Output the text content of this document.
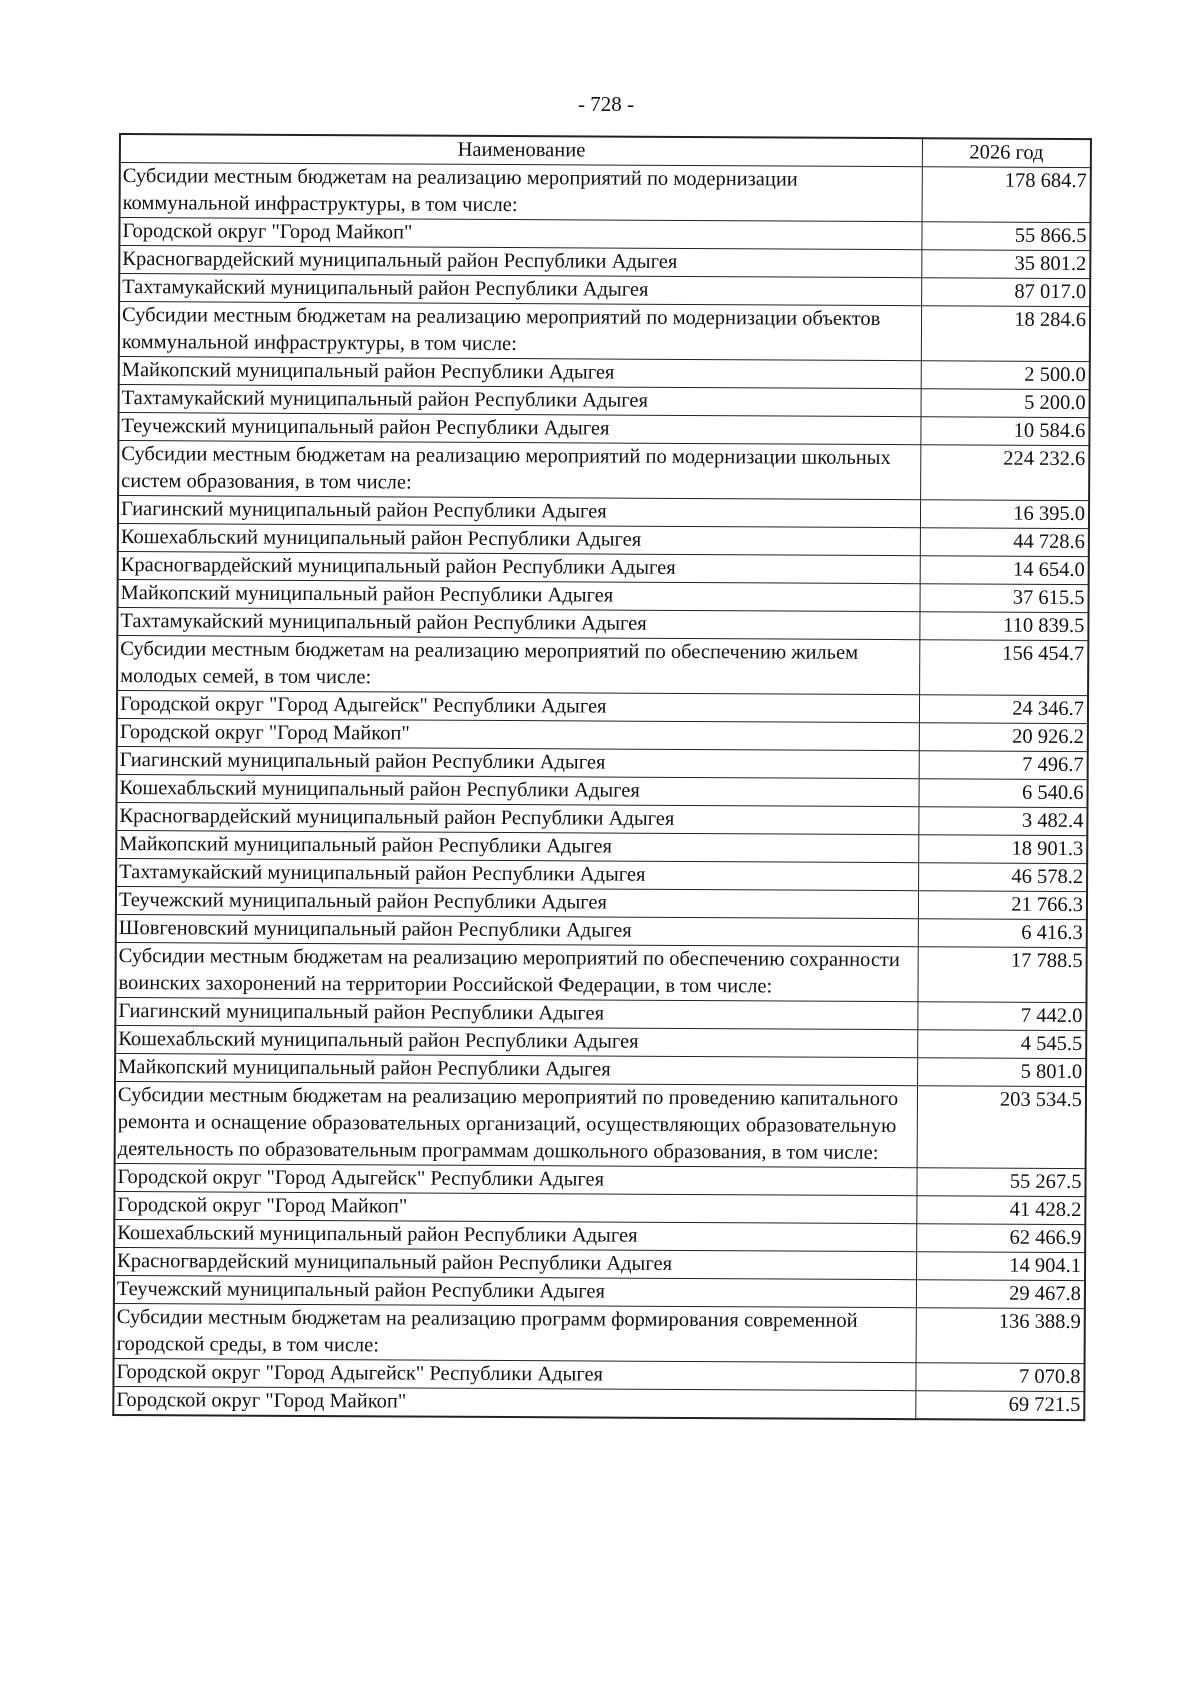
- 728 -
Наименование	2026 год
Субсидии местным бюджетам на реализацию мероприятий по модернизации коммунальной инфраструктуры, в том числе:	178 684.7
Городской округ "Город Майкоп"	55 866.5
Красногвардейский муниципальный район Республики Адыгея	35 801.2
Тахтамукайский муниципальный район Республики Адыгея	87 017.0
Субсидии местным бюджетам на реализацию мероприятий по модернизации объектов коммунальной инфраструктуры, в том числе:	18 284.6
Майкопский муниципальный район Республики Адыгея	2 500.0
Тахтамукайский муниципальный район Республики Адыгея	5 200.0
Теучежский муниципальный район Республики Адыгея	10 584.6
Субсидии местным бюджетам на реализацию мероприятий по модернизации школьных систем образования, в том числе:	224 232.6
Гиагинский муниципальный район Республики Адыгея	16 395.0
Кошехабльский муниципальный район Республики Адыгея	44 728.6
Красногвардейский муниципальный район Республики Адыгея	14 654.0
Майкопский муниципальный район Республики Адыгея	37 615.5
Тахтамукайский муниципальный район Республики Адыгея	110 839.5
Субсидии местным бюджетам на реализацию мероприятий по обеспечению жильем молодых семей, в том числе:	156 454.7
Городской округ "Город Адыгейск" Республики Адыгея	24 346.7
Городской округ "Город Майкоп"	20 926.2
Гиагинский муниципальный район Республики Адыгея	7 496.7
Кошехабльский муниципальный район Республики Адыгея	6 540.6
Красногвардейский муниципальный район Республики Адыгея	3 482.4
Майкопский муниципальный район Республики Адыгея	18 901.3
Тахтамукайский муниципальный район Республики Адыгея	46 578.2
Теучежский муниципальный район Республики Адыгея	21 766.3
Шовгеновский муниципальный район Республики Адыгея	6 416.3
Субсидии местным бюджетам на реализацию мероприятий по обеспечению сохранности воинских захоронений на территории Российской Федерации, в том числе:	17 788.5
Гиагинский муниципальный район Республики Адыгея	7 442.0
Кошехабльский муниципальный район Республики Адыгея	4 545.5
Майкопский муниципальный район Республики Адыгея	5 801.0
Субсидии местным бюджетам на реализацию мероприятий по проведению капитального ремонта и оснащение образовательных организаций, осуществляющих образовательную деятельность по образовательным программам дошкольного образования, в том числе:	203 534.5
Городской округ "Город Адыгейск" Республики Адыгея	55 267.5
Городской округ "Город Майкоп"	41 428.2
Кошехабльский муниципальный район Республики Адыгея	62 466.9
Красногвардейский муниципальный район Республики Адыгея	14 904.1
Теучежский муниципальный район Республики Адыгея	29 467.8
Субсидии местным бюджетам на реализацию программ формирования современной городской среды, в том числе:	136 388.9
Городской округ "Город Адыгейск" Республики Адыгея	7 070.8
Городской округ "Город Майкоп"	69 721.5
